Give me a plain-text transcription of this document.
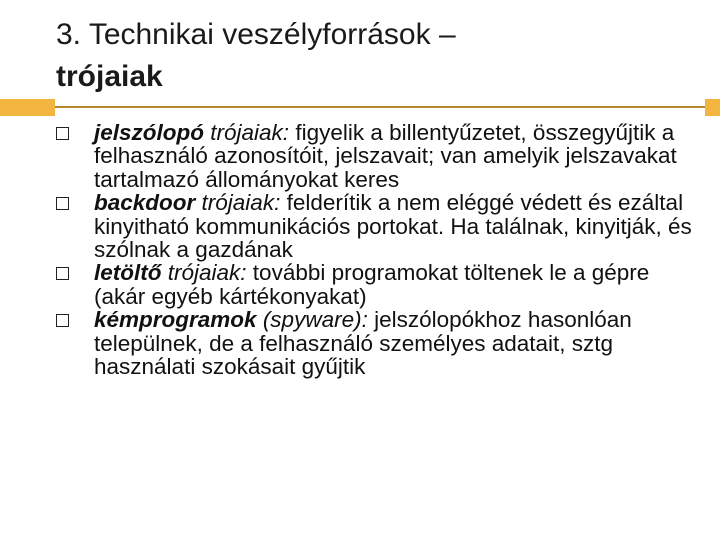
3. Technikai veszélyforrások –
trójaiak
jelszólopó trójaiak: figyelik a billentyűzetet, összegyűjtik a felhasználó azonosítóit, jelszavait; van amelyik jelszavakat tartalmazó állományokat keres
backdoor trójaiak: felderítik a nem eléggé védett és ezáltal kinyitható kommunikációs portokat. Ha találnak, kinyitják, és szólnak a gazdának
letöltő trójaiak: további programokat töltenek le a gépre (akár egyéb kártékonyakat)
kémprogramok (spyware): jelszólopókhoz hasonlóan települnek, de a felhasználó személyes adatait, sztg használati szokásait gyűjtik
